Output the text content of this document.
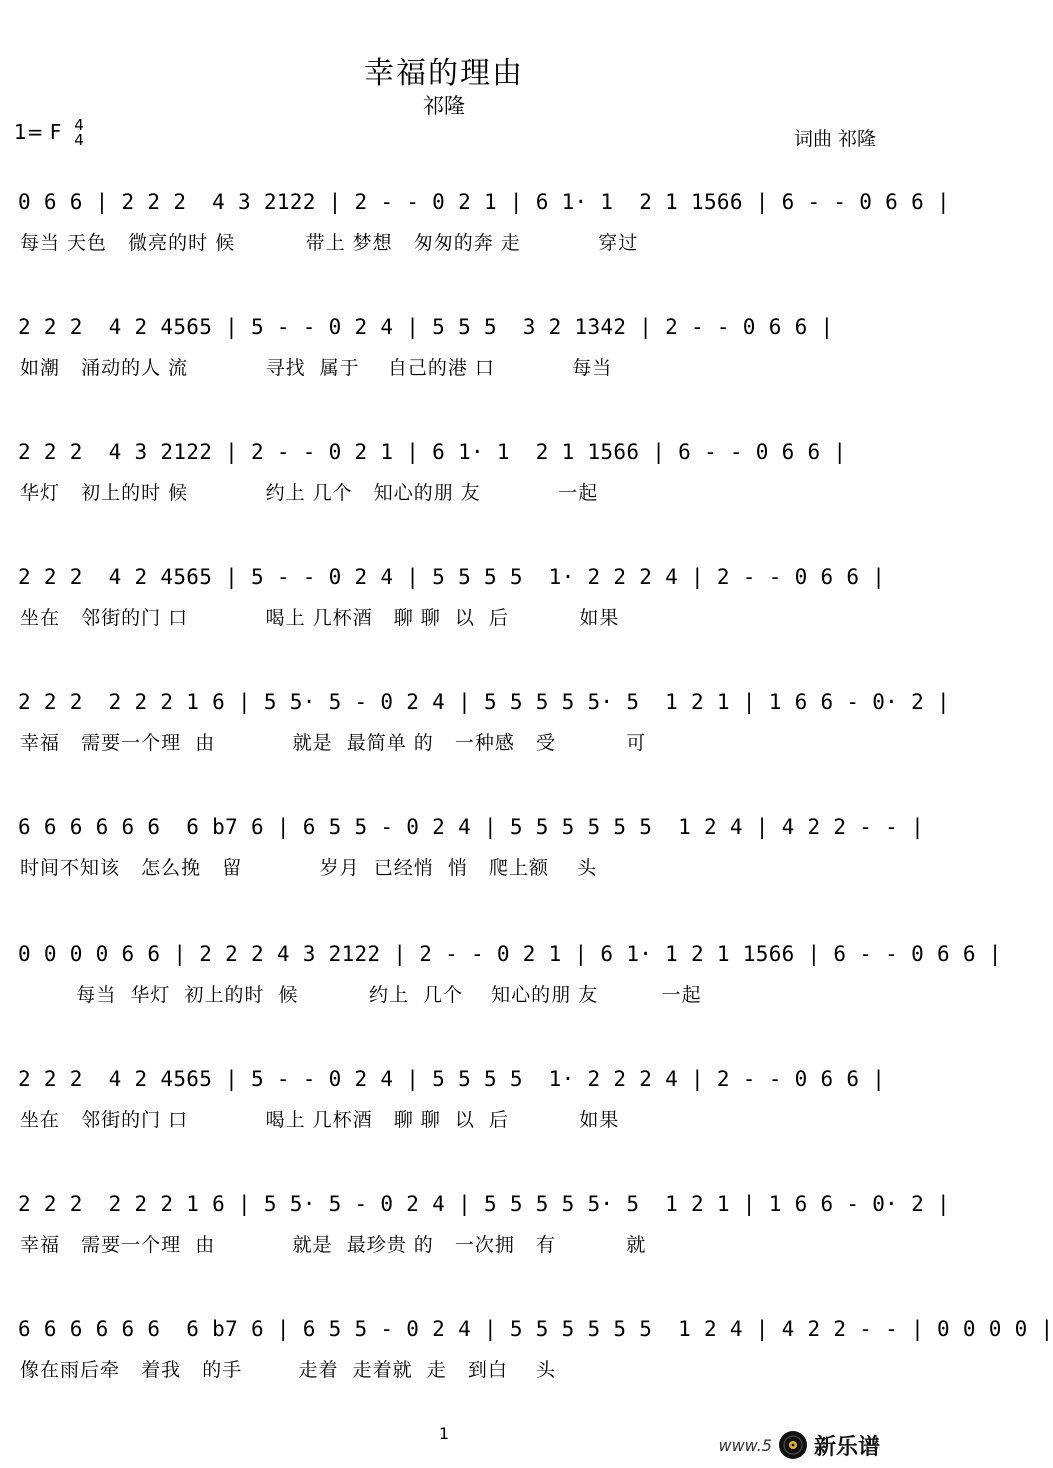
幸福的理由
祁隆
1= F 4
4	词曲 祁隆
0 6 6 | 2 2 2  4 3 2122 | 2 - - 0 2 1 | 6 1· 1  2 1 1566 | 6 - - 0 6 6 |
每当 天色   微亮的时 候          带上 梦想   匆匆的奔 走           穿过
2 2 2  4 2 4565 | 5 - - 0 2 4 | 5 5 5  3 2 1342 | 2 - - 0 6 6 |
如潮   涌动的人 流           寻找  属于    自己的港 口           每当
2 2 2  4 3 2122 | 2 - - 0 2 1 | 6 1· 1  2 1 1566 | 6 - - 0 6 6 |
华灯   初上的时 候           约上 几个   知心的朋 友           一起
2 2 2  4 2 4565 | 5 - - 0 2 4 | 5 5 5 5  1· 2 2 2 4 | 2 - - 0 6 6 |
坐在   邻街的门 口           喝上 几杯酒   聊 聊  以  后          如果
2 2 2  2 2 2 1 6 | 5 5· 5 - 0 2 4 | 5 5 5 5 5· 5  1 2 1 | 1 6 6 - 0· 2 |
幸福   需要一个理  由           就是  最简单 的   一种感   受          可
6 6 6 6 6 6  6 b7 6 | 6 5 5 - 0 2 4 | 5 5 5 5 5 5  1 2 4 | 4 2 2 - - |
时间不知该   怎么挽   留           岁月  已经悄  悄   爬上额    头
0 0 0 0 6 6 | 2 2 2 4 3 2122 | 2 - - 0 2 1 | 6 1· 1 2 1 1566 | 6 - - 0 6 6 |
每当  华灯  初上的时  候          约上  几个    知心的朋 友         一起
2 2 2  4 2 4565 | 5 - - 0 2 4 | 5 5 5 5  1· 2 2 2 4 | 2 - - 0 6 6 |
坐在   邻街的门 口           喝上 几杯酒   聊 聊  以  后          如果
2 2 2  2 2 2 1 6 | 5 5· 5 - 0 2 4 | 5 5 5 5 5· 5  1 2 1 | 1 6 6 - 0· 2 |
幸福   需要一个理  由           就是  最珍贵 的   一次拥   有          就
6 6 6 6 6 6  6 b7 6 | 6 5 5 - 0 2 4 | 5 5 5 5 5 5  1 2 4 | 4 2 2 - - | 0 0 0 0 |
像在雨后牵   着我   的手        走着  走着就  走   到白    头
1
www.5 新乐谱
